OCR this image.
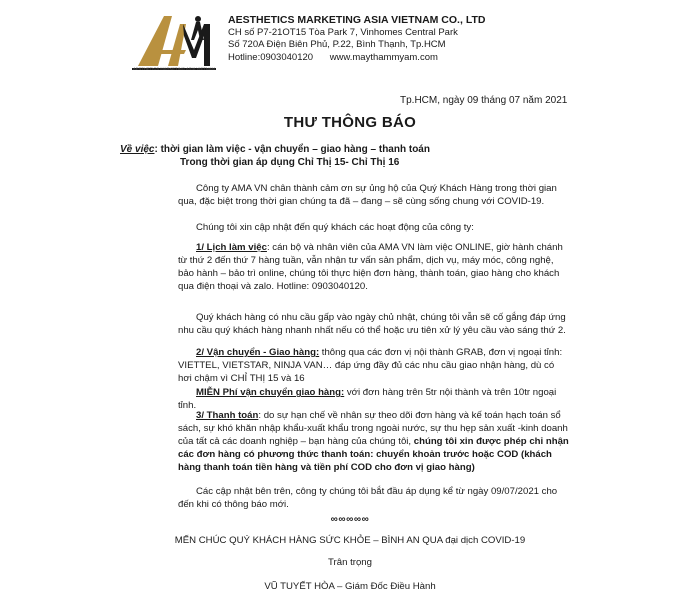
AESTHETICS MARKETING ASIA VIETNAM
AESTHETICS MARKETING ASIA VIETNAM CO., LTD
CH số P7-21OT15 Tòa Park 7, Vinhomes Central Park
Số 720A Điện Biên Phủ, P.22, Bình Thạnh, Tp.HCM
Hotline:0903040120 www.maythammyam.com
Tp.HCM, ngày 09 tháng 07 năm 2021
THƯ THÔNG BÁO
Về việc: thời gian làm việc - vận chuyển – giao hàng – thanh toán
Trong thời gian áp dụng Chỉ Thị 15- Chỉ Thị 16
Công ty AMA VN chân thành cảm ơn sự ủng hộ của Quý Khách Hàng trong thời gian qua, đặc biệt trong thời gian chúng ta đã – đang – sẽ cùng sống chung với COVID-19.
Chúng tôi xin cập nhật đến quý khách các hoạt động của công ty:
1/ Lịch làm việc: cán bộ và nhân viên của AMA VN làm việc ONLINE, giờ hành chánh từ thứ 2 đến thứ 7 hàng tuần, vẫn nhận tư vấn sản phẩm, dịch vụ, máy móc, công nghệ, bảo hành – bảo trì online, chúng tôi thực hiện đơn hàng, thành toán, giao hàng cho khách qua điện thoại và zalo. Hotline: 0903040120.
Quý khách hàng có nhu cầu gấp vào ngày chủ nhật, chúng tôi vẫn sẽ cố gắng đáp ứng nhu cầu quý khách hàng nhanh nhất nếu có thể hoặc ưu tiên xử lý yêu cầu vào sáng thứ 2.
2/ Vận chuyển - Giao hàng: thông qua các đơn vị nội thành GRAB, đơn vị ngoại tỉnh: VIETTEL, VIETSTAR, NINJA VAN… đáp ứng đầy đủ các nhu cầu giao nhận hàng, dù có hơi chậm vì CHỈ THỊ 15 và 16
MIỄN Phí vận chuyển giao hàng: với đơn hàng trên 5tr nội thành và trên 10tr ngoại tỉnh.
3/ Thanh toán: do sự hạn chế về nhân sự theo dõi đơn hàng và kế toán hạch toán sổ sách, sự khó khăn nhập khẩu-xuất khẩu trong ngoài nước, sự thu hẹp sản xuất -kinh doanh của tất cả các doanh nghiệp – bạn hàng của chúng tôi, chúng tôi xin được phép chỉ nhận các đơn hàng có phương thức thanh toán: chuyển khoản trước hoặc COD (khách hàng thanh toán tiền hàng và tiền phí COD cho đơn vị giao hàng)
Các cập nhật bên trên, công ty chúng tôi bắt đầu áp dụng kể từ ngày 09/07/2021 cho đến khi có thông báo mới.
∞∞∞∞∞
MẾN CHÚC QUÝ KHÁCH HÀNG SỨC KHỎE – BÌNH AN QUA đại dịch COVID-19
Trân trọng
VŨ TUYẾT HÒA – Giám Đốc Điều Hành
